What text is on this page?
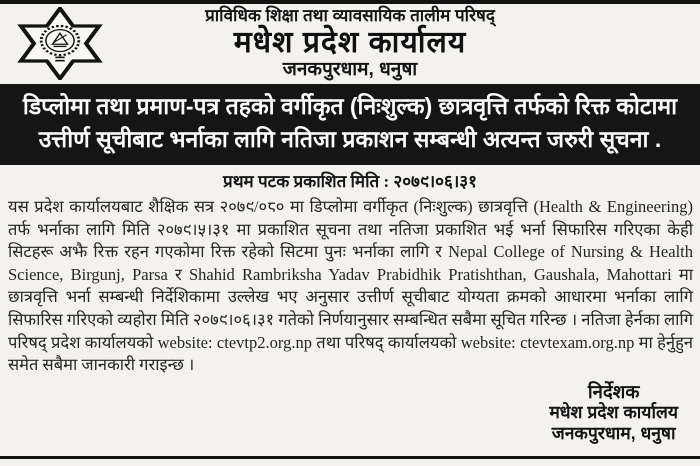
प्राविधिक शिक्षा तथा व्यावसायिक तालीम परिषद्
मधेश प्रदेश कार्यालय
जनकपुरधाम, धनुषा
डिप्लोमा तथा प्रमाण-पत्र तहको वर्गीकृत (निःशुल्क) छात्रवृत्ति तर्फको रिक्त कोटामा
उत्तीर्ण सूचीबाट भर्नाका लागि नतिजा प्रकाशन सम्बन्धी अत्यन्त जरुरी सूचना .
प्रथम पटक प्रकाशित मिति : २०७९।०६।३१
यस प्रदेश कार्यालयबाट शैक्षिक सत्र २०७९/०८० मा डिप्लोमा वर्गीकृत (निःशुल्क) छात्रवृत्ति (Health & Engineering) तर्फ भर्नाका लागि मिति २०७९।५।३१ मा प्रकाशित सूचना तथा नतिजा प्रकाशित भई भर्ना सिफारिस गरिएका केही सिटहरू अझै रिक्त रहन गएकोमा रिक्त रहेको सिटमा पुनः भर्नाका लागि र Nepal College of Nursing & Health Science, Birgunj, Parsa र Shahid Rambriksha Yadav Prabidhik Pratishthan, Gaushala, Mahottari मा छात्रवृत्ति भर्ना सम्बन्धी निर्देशिकामा उल्लेख भए अनुसार उत्तीर्ण सूचीबाट योग्यता क्रमको आधारमा भर्नाका लागि सिफारिस गरिएको व्यहोरा मिति २०७९।०६।३१ गतेको निर्णयानुसार सम्बन्धित सबैमा सूचित गरिन्छ । नतिजा हेर्नका लागि परिषद् प्रदेश कार्यालयको website: ctevtp2.org.np तथा परिषद् कार्यालयको website: ctevtexam.org.np मा हेर्नुहुन समेत सबैमा जानकारी गराइन्छ ।
निर्देशक
मधेश प्रदेश कार्यालय
जनकपुरधाम, धनुषा
